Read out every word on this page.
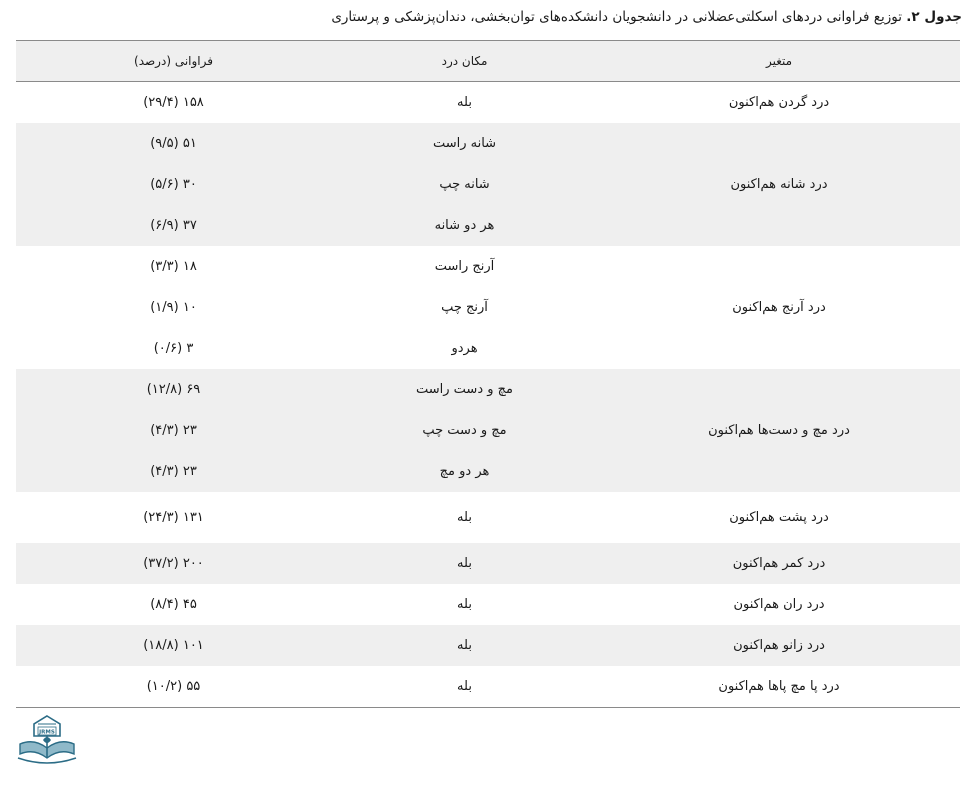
جدول ۲. توزیع فراوانی دردهای اسکلتی‌عضلانی در دانشجویان دانشکده‌های توان‌بخشی، دندان‌پزشکی و پرستاری
متغیر
مکان درد
فراوانی (درصد)
درد گردن هم‌اکنون
بله
۱۵۸ (۲۹/۴)
درد شانه هم‌اکنون
شانه راست
شانه چپ
هر دو شانه
۵۱ (۹/۵)
۳۰ (۵/۶)
۳۷ (۶/۹)
درد آرنج هم‌اکنون
آرنج راست
آرنج چپ
هردو
۱۸ (۳/۳)
۱۰ (۱/۹)
۳ (۰/۶)
درد مچ و دست‌ها هم‌اکنون
مچ و دست راست
مچ و دست چپ
هر دو مچ
۶۹ (۱۲/۸)
۲۳ (۴/۳)
۲۳ (۴/۳)
درد پشت هم‌اکنون
بله
۱۳۱ (۲۴/۳)
درد کمر هم‌اکنون
بله
۲۰۰ (۳۷/۲)
درد ران هم‌اکنون
بله
۴۵ (۸/۴)
درد زانو هم‌اکنون
بله
۱۰۱ (۱۸/۸)
درد پا مچ پاها هم‌اکنون
بله
۵۵ (۱۰/۲)
JRMS
